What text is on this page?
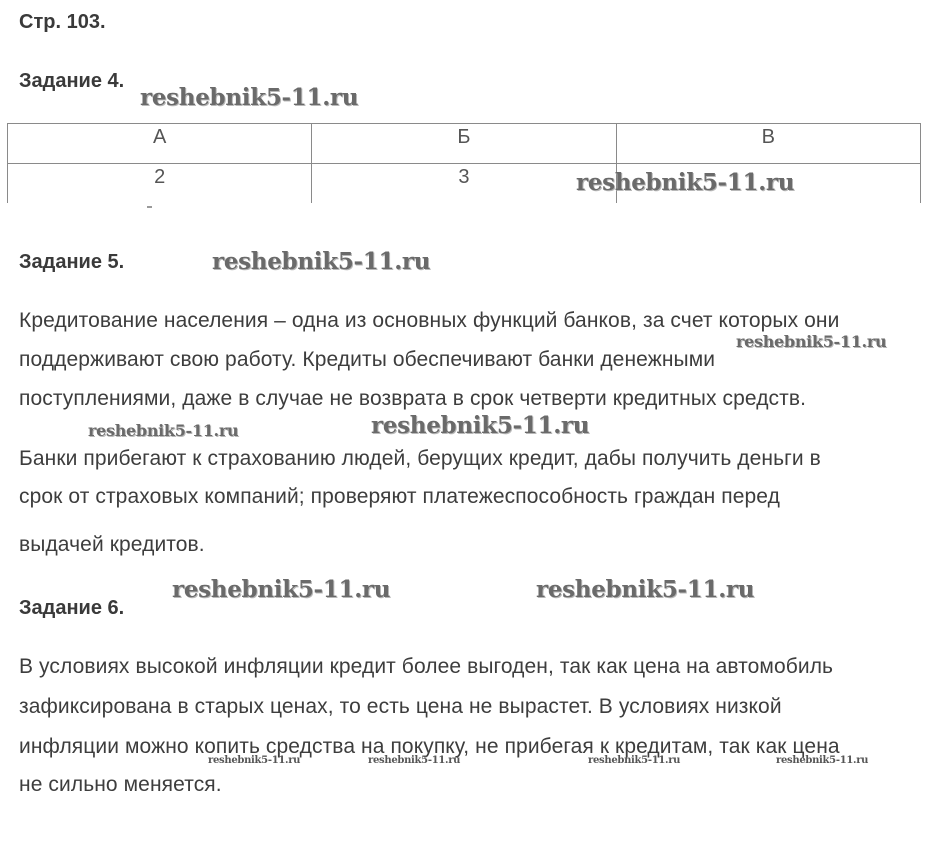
Стр. 103.
Задание 4.
А	Б	В
2	3	
Задание 5.
Кредитование населения – одна из основных функций банков, за счет которых они
поддерживают свою работу. Кредиты обеспечивают банки денежными
поступлениями, даже в случае не возврата в срок четверти кредитных средств.
Банки прибегают к страхованию людей, берущих кредит, дабы получить деньги в
срок от страховых компаний; проверяют платежеспособность граждан перед
выдачей кредитов.
Задание 6.
В условиях высокой инфляции кредит более выгоден, так как цена на автомобиль
зафиксирована в старых ценах, то есть цена не вырастет. В условиях низкой
инфляции можно копить средства на покупку, не прибегая к кредитам, так как цена
не сильно меняется.
reshebnik5-11.ru
reshebnik5-11.ru
reshebnik5-11.ru
reshebnik5-11.ru
reshebnik5-11.ru	reshebnik5-11.ru
reshebnik5-11.ru	reshebnik5-11.ru
reshebnik5-11.ru	reshebnik5-11.ru	reshebnik5-11.ru	reshebnik5-11.ru
